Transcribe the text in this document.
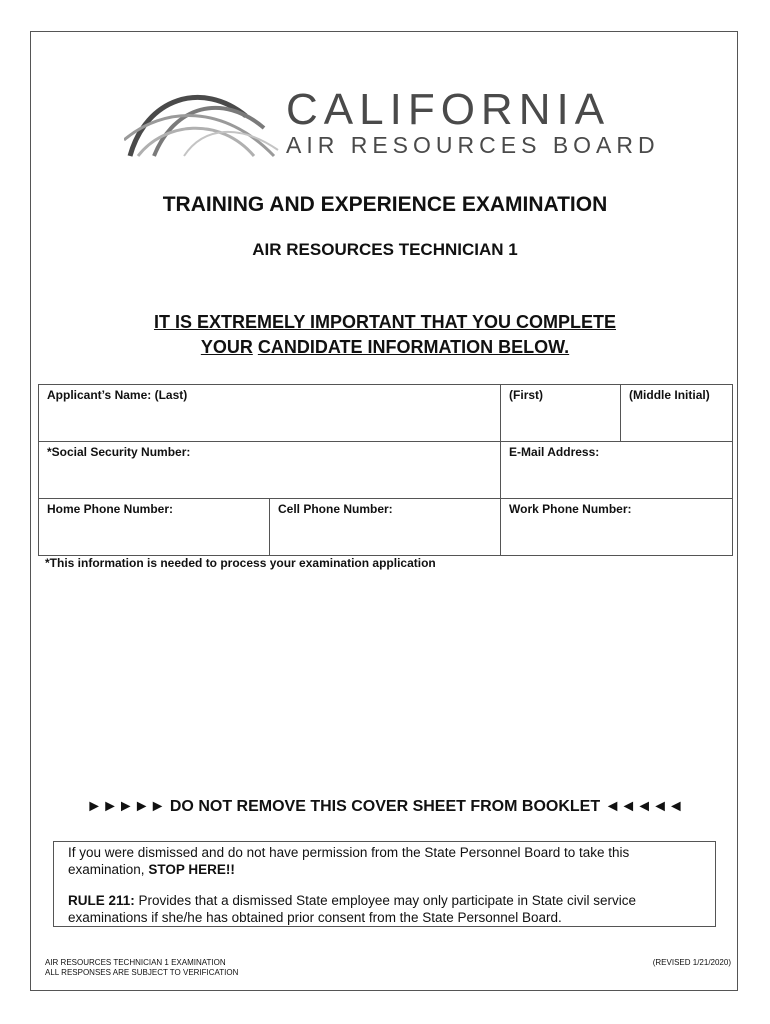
CALIFORNIA
AIR RESOURCES BOARD
TRAINING AND EXPERIENCE EXAMINATION
AIR RESOURCES TECHNICIAN 1
IT IS EXTREMELY IMPORTANT THAT YOU COMPLETE
YOUR CANDIDATE INFORMATION BELOW.
Applicant’s Name: (Last)		(First)	(Middle Initial)
*Social Security Number:		E-Mail Address:	
Home Phone Number:	Cell Phone Number:	Work Phone Number:	
*This information is needed to process your examination application
►►►►► DO NOT REMOVE THIS COVER SHEET FROM BOOKLET ◄◄◄◄◄

If you were dismissed and do not have permission from the State Personnel Board to take this examination, STOP HERE!!

RULE 211: Provides that a dismissed State employee may only participate in State civil service examinations if she/he has obtained prior consent from the State Personnel Board.

AIR RESOURCES TECHNICIAN 1 EXAMINATION
ALL RESPONSES ARE SUBJECT TO VERIFICATION
(REVISED 1/21/2020)
